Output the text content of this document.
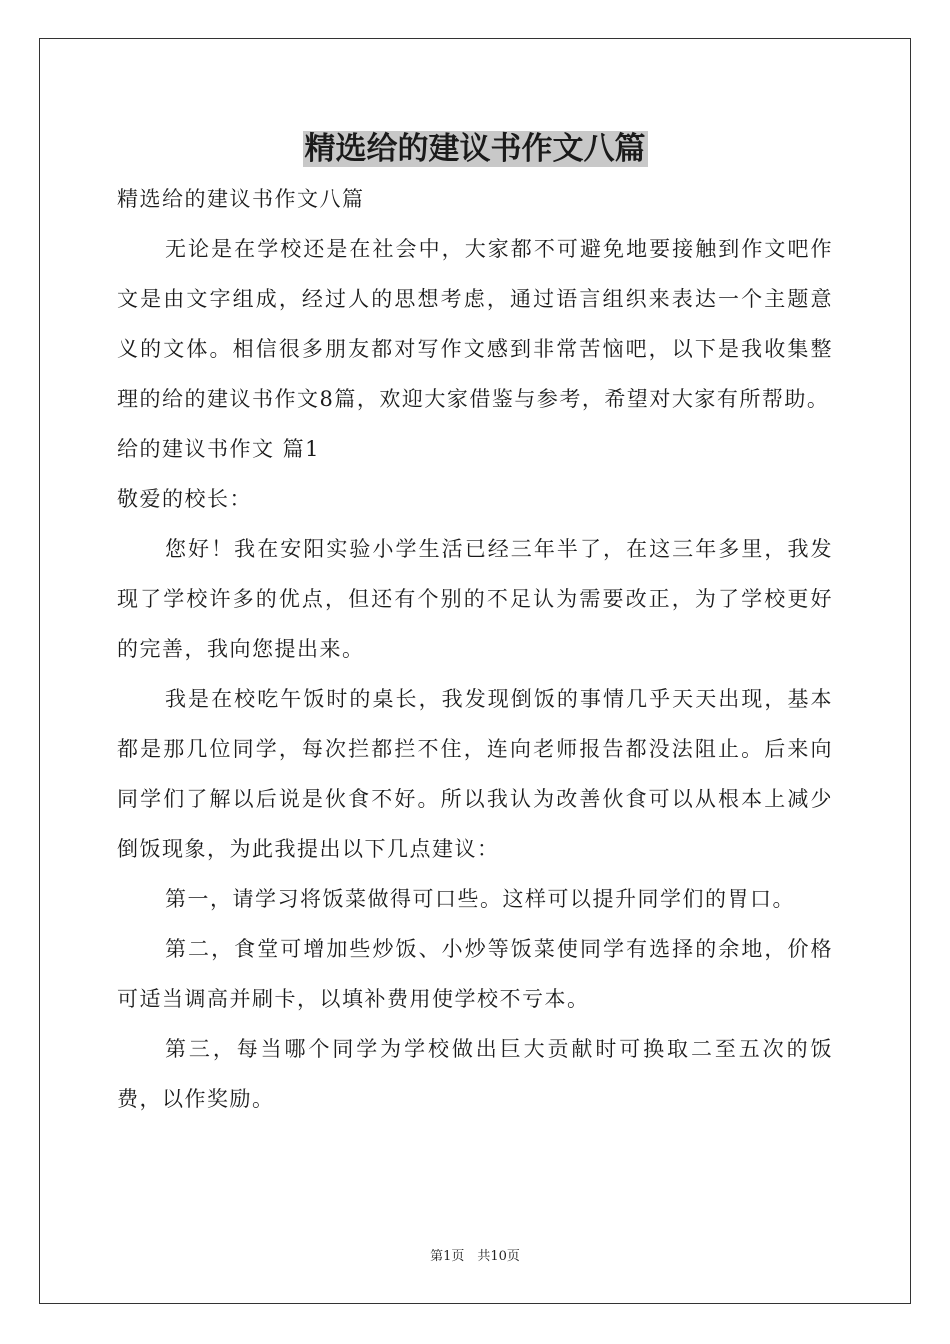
精选给的建议书作文八篇

精选给的建议书作文八篇

无论是在学校还是在社会中，大家都不可避免地要接触到作文吧作文是由文字组成，经过人的思想考虑，通过语言组织来表达一个主题意义的文体。相信很多朋友都对写作文感到非常苦恼吧，以下是我收集整理的给的建议书作文8篇，欢迎大家借鉴与参考，希望对大家有所帮助。

给的建议书作文 篇1

敬爱的校长：

您好！我在安阳实验小学生活已经三年半了，在这三年多里，我发现了学校许多的优点，但还有个别的不足认为需要改正，为了学校更好的完善，我向您提出来。

我是在校吃午饭时的桌长，我发现倒饭的事情几乎天天出现，基本都是那几位同学，每次拦都拦不住，连向老师报告都没法阻止。后来向同学们了解以后说是伙食不好。所以我认为改善伙食可以从根本上减少倒饭现象，为此我提出以下几点建议：

第一，请学习将饭菜做得可口些。这样可以提升同学们的胃口。

第二，食堂可增加些炒饭、小炒等饭菜使同学有选择的余地，价格可适当调高并刷卡，以填补费用使学校不亏本。

第三，每当哪个同学为学校做出巨大贡献时可换取二至五次的饭费，以作奖励。

第1页　共10页
